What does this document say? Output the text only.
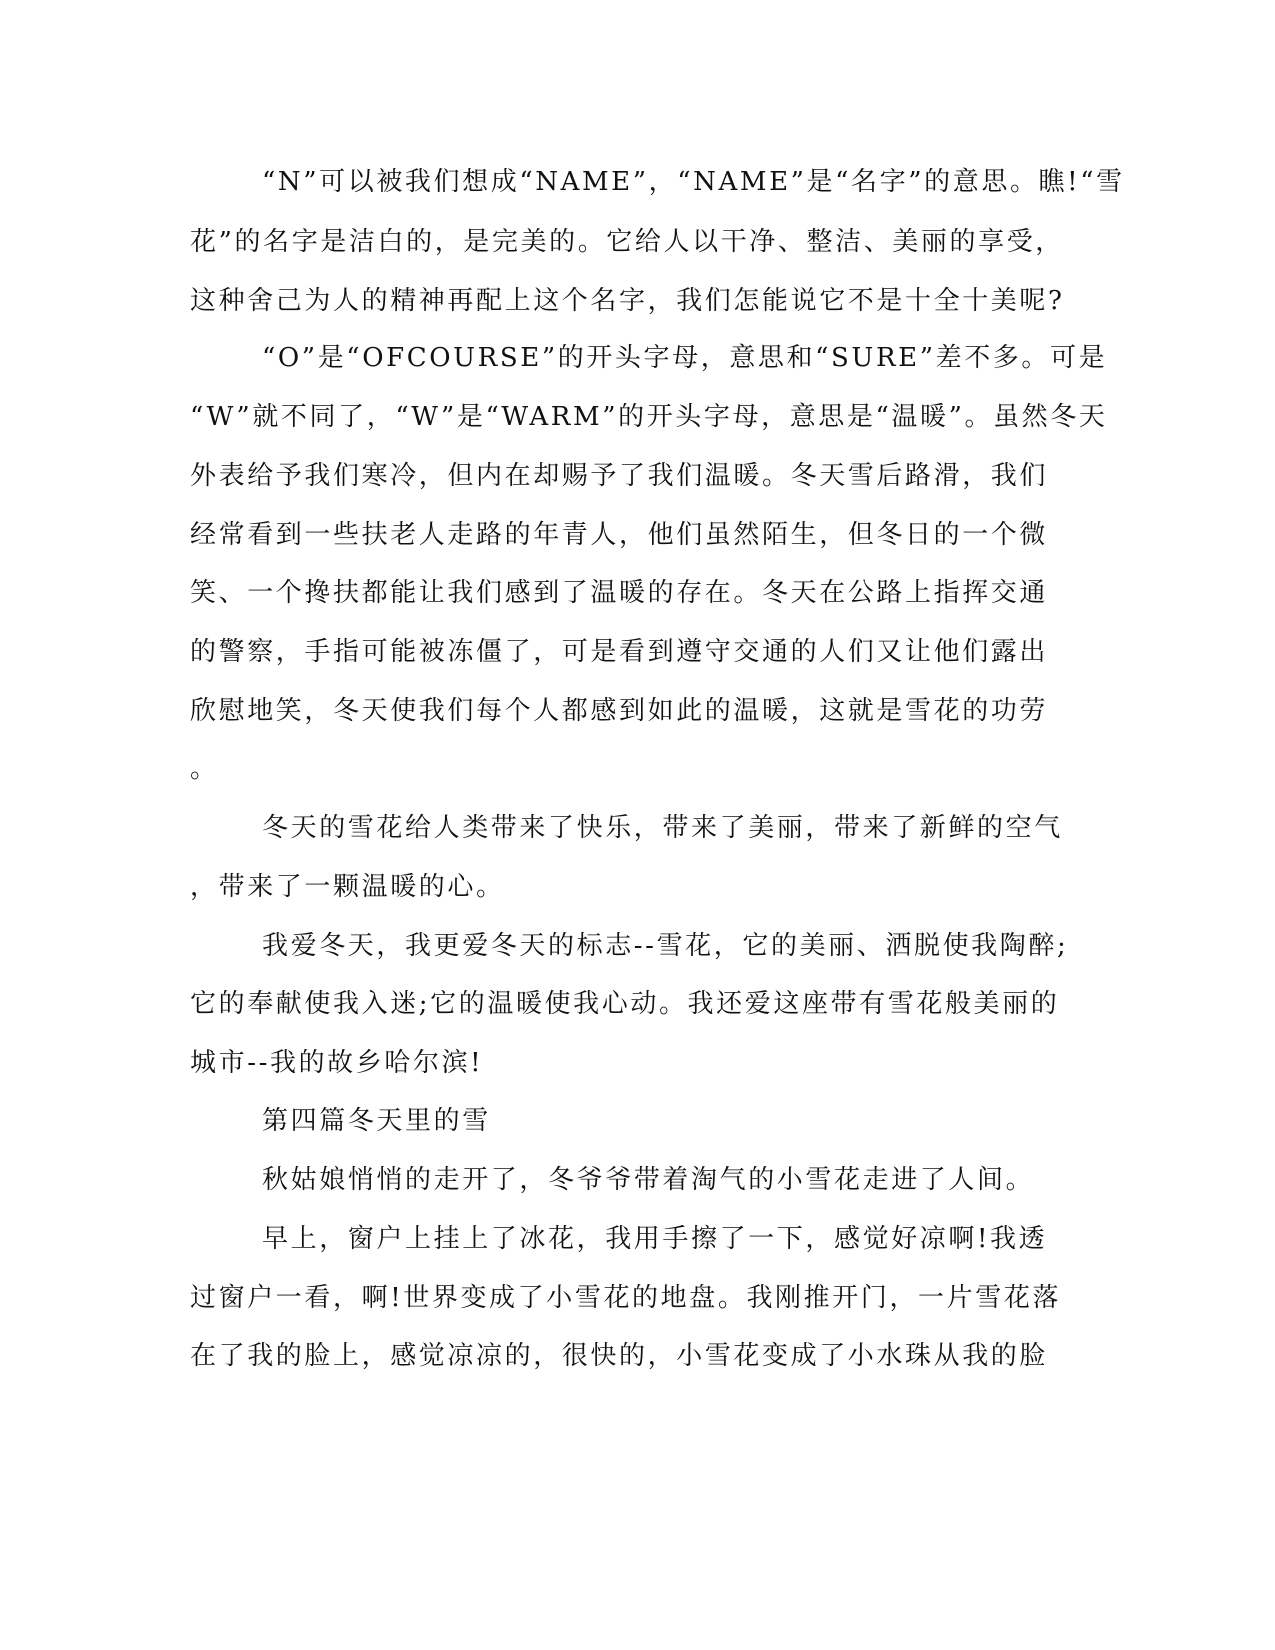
“N”可以被我们想成“NAME”，“NAME”是“名字”的意思。瞧!“雪
花”的名字是洁白的，是完美的。它给人以干净、整洁、美丽的享受，
这种舍己为人的精神再配上这个名字，我们怎能说它不是十全十美呢?
“O”是“OFCOURSE”的开头字母，意思和“SURE”差不多。可是
“W”就不同了，“W”是“WARM”的开头字母，意思是“温暖”。虽然冬天
外表给予我们寒冷，但内在却赐予了我们温暖。冬天雪后路滑，我们
经常看到一些扶老人走路的年青人，他们虽然陌生，但冬日的一个微
笑、一个搀扶都能让我们感到了温暖的存在。冬天在公路上指挥交通
的警察，手指可能被冻僵了，可是看到遵守交通的人们又让他们露出
欣慰地笑，冬天使我们每个人都感到如此的温暖，这就是雪花的功劳
。
冬天的雪花给人类带来了快乐，带来了美丽，带来了新鲜的空气
，带来了一颗温暖的心。
我爱冬天，我更爱冬天的标志--雪花，它的美丽、洒脱使我陶醉;
它的奉献使我入迷;它的温暖使我心动。我还爱这座带有雪花般美丽的
城市--我的故乡哈尔滨!
第四篇冬天里的雪
秋姑娘悄悄的走开了，冬爷爷带着淘气的小雪花走进了人间。
早上，窗户上挂上了冰花，我用手擦了一下，感觉好凉啊!我透
过窗户一看，啊!世界变成了小雪花的地盘。我刚推开门，一片雪花落
在了我的脸上，感觉凉凉的，很快的，小雪花变成了小水珠从我的脸
